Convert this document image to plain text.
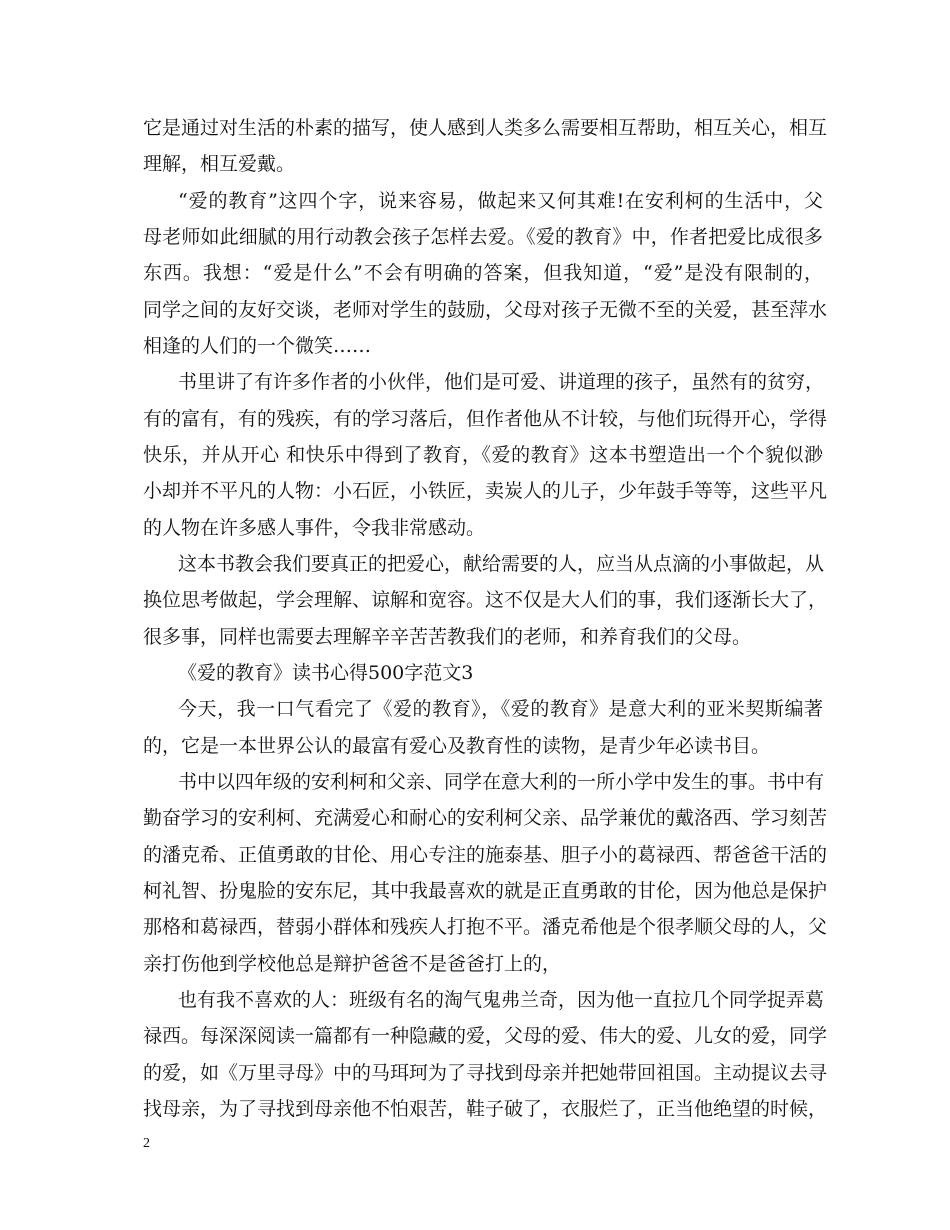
它是通过对生活的朴素的描写，使人感到人类多么需要相互帮助，相互关心，相互
理解，相互爱戴。
“爱的教育”这四个字，说来容易，做起来又何其难!在安利柯的生活中，父
母老师如此细腻的用行动教会孩子怎样去爱。《爱的教育》中，作者把爱比成很多
东西。我想：“爱是什么”不会有明确的答案，但我知道，“爱”是没有限制的，
同学之间的友好交谈，老师对学生的鼓励，父母对孩子无微不至的关爱，甚至萍水
相逢的人们的一个微笑……
书里讲了有许多作者的小伙伴，他们是可爱、讲道理的孩子，虽然有的贫穷，
有的富有，有的残疾，有的学习落后，但作者他从不计较，与他们玩得开心，学得
快乐，并从开心 和快乐中得到了教育，《爱的教育》这本书塑造出一个个貌似渺
小却并不平凡的人物：小石匠，小铁匠，卖炭人的儿子，少年鼓手等等，这些平凡
的人物在许多感人事件，令我非常感动。
这本书教会我们要真正的把爱心，献给需要的人，应当从点滴的小事做起，从
换位思考做起，学会理解、谅解和宽容。这不仅是大人们的事，我们逐渐长大了，
很多事，同样也需要去理解辛辛苦苦教我们的老师，和养育我们的父母。
《爱的教育》读书心得500字范文3
今天，我一口气看完了《爱的教育》，《爱的教育》是意大利的亚米契斯编著
的，它是一本世界公认的最富有爱心及教育性的读物，是青少年必读书目。
书中以四年级的安利柯和父亲、同学在意大利的一所小学中发生的事。书中有
勤奋学习的安利柯、充满爱心和耐心的安利柯父亲、品学兼优的戴洛西、学习刻苦
的潘克希、正值勇敢的甘伦、用心专注的施泰基、胆子小的葛禄西、帮爸爸干活的
柯礼智、扮鬼脸的安东尼，其中我最喜欢的就是正直勇敢的甘伦，因为他总是保护
那格和葛禄西，替弱小群体和残疾人打抱不平。潘克希他是个很孝顺父母的人，父
亲打伤他到学校他总是辩护爸爸不是爸爸打上的，
也有我不喜欢的人：班级有名的淘气鬼弗兰奇，因为他一直拉几个同学捉弄葛
禄西。每深深阅读一篇都有一种隐藏的爱，父母的爱、伟大的爱、儿女的爱，同学
的爱，如《万里寻母》中的马珥珂为了寻找到母亲并把她带回祖国。主动提议去寻
找母亲，为了寻找到母亲他不怕艰苦，鞋子破了，衣服烂了，正当他绝望的时候，
2
